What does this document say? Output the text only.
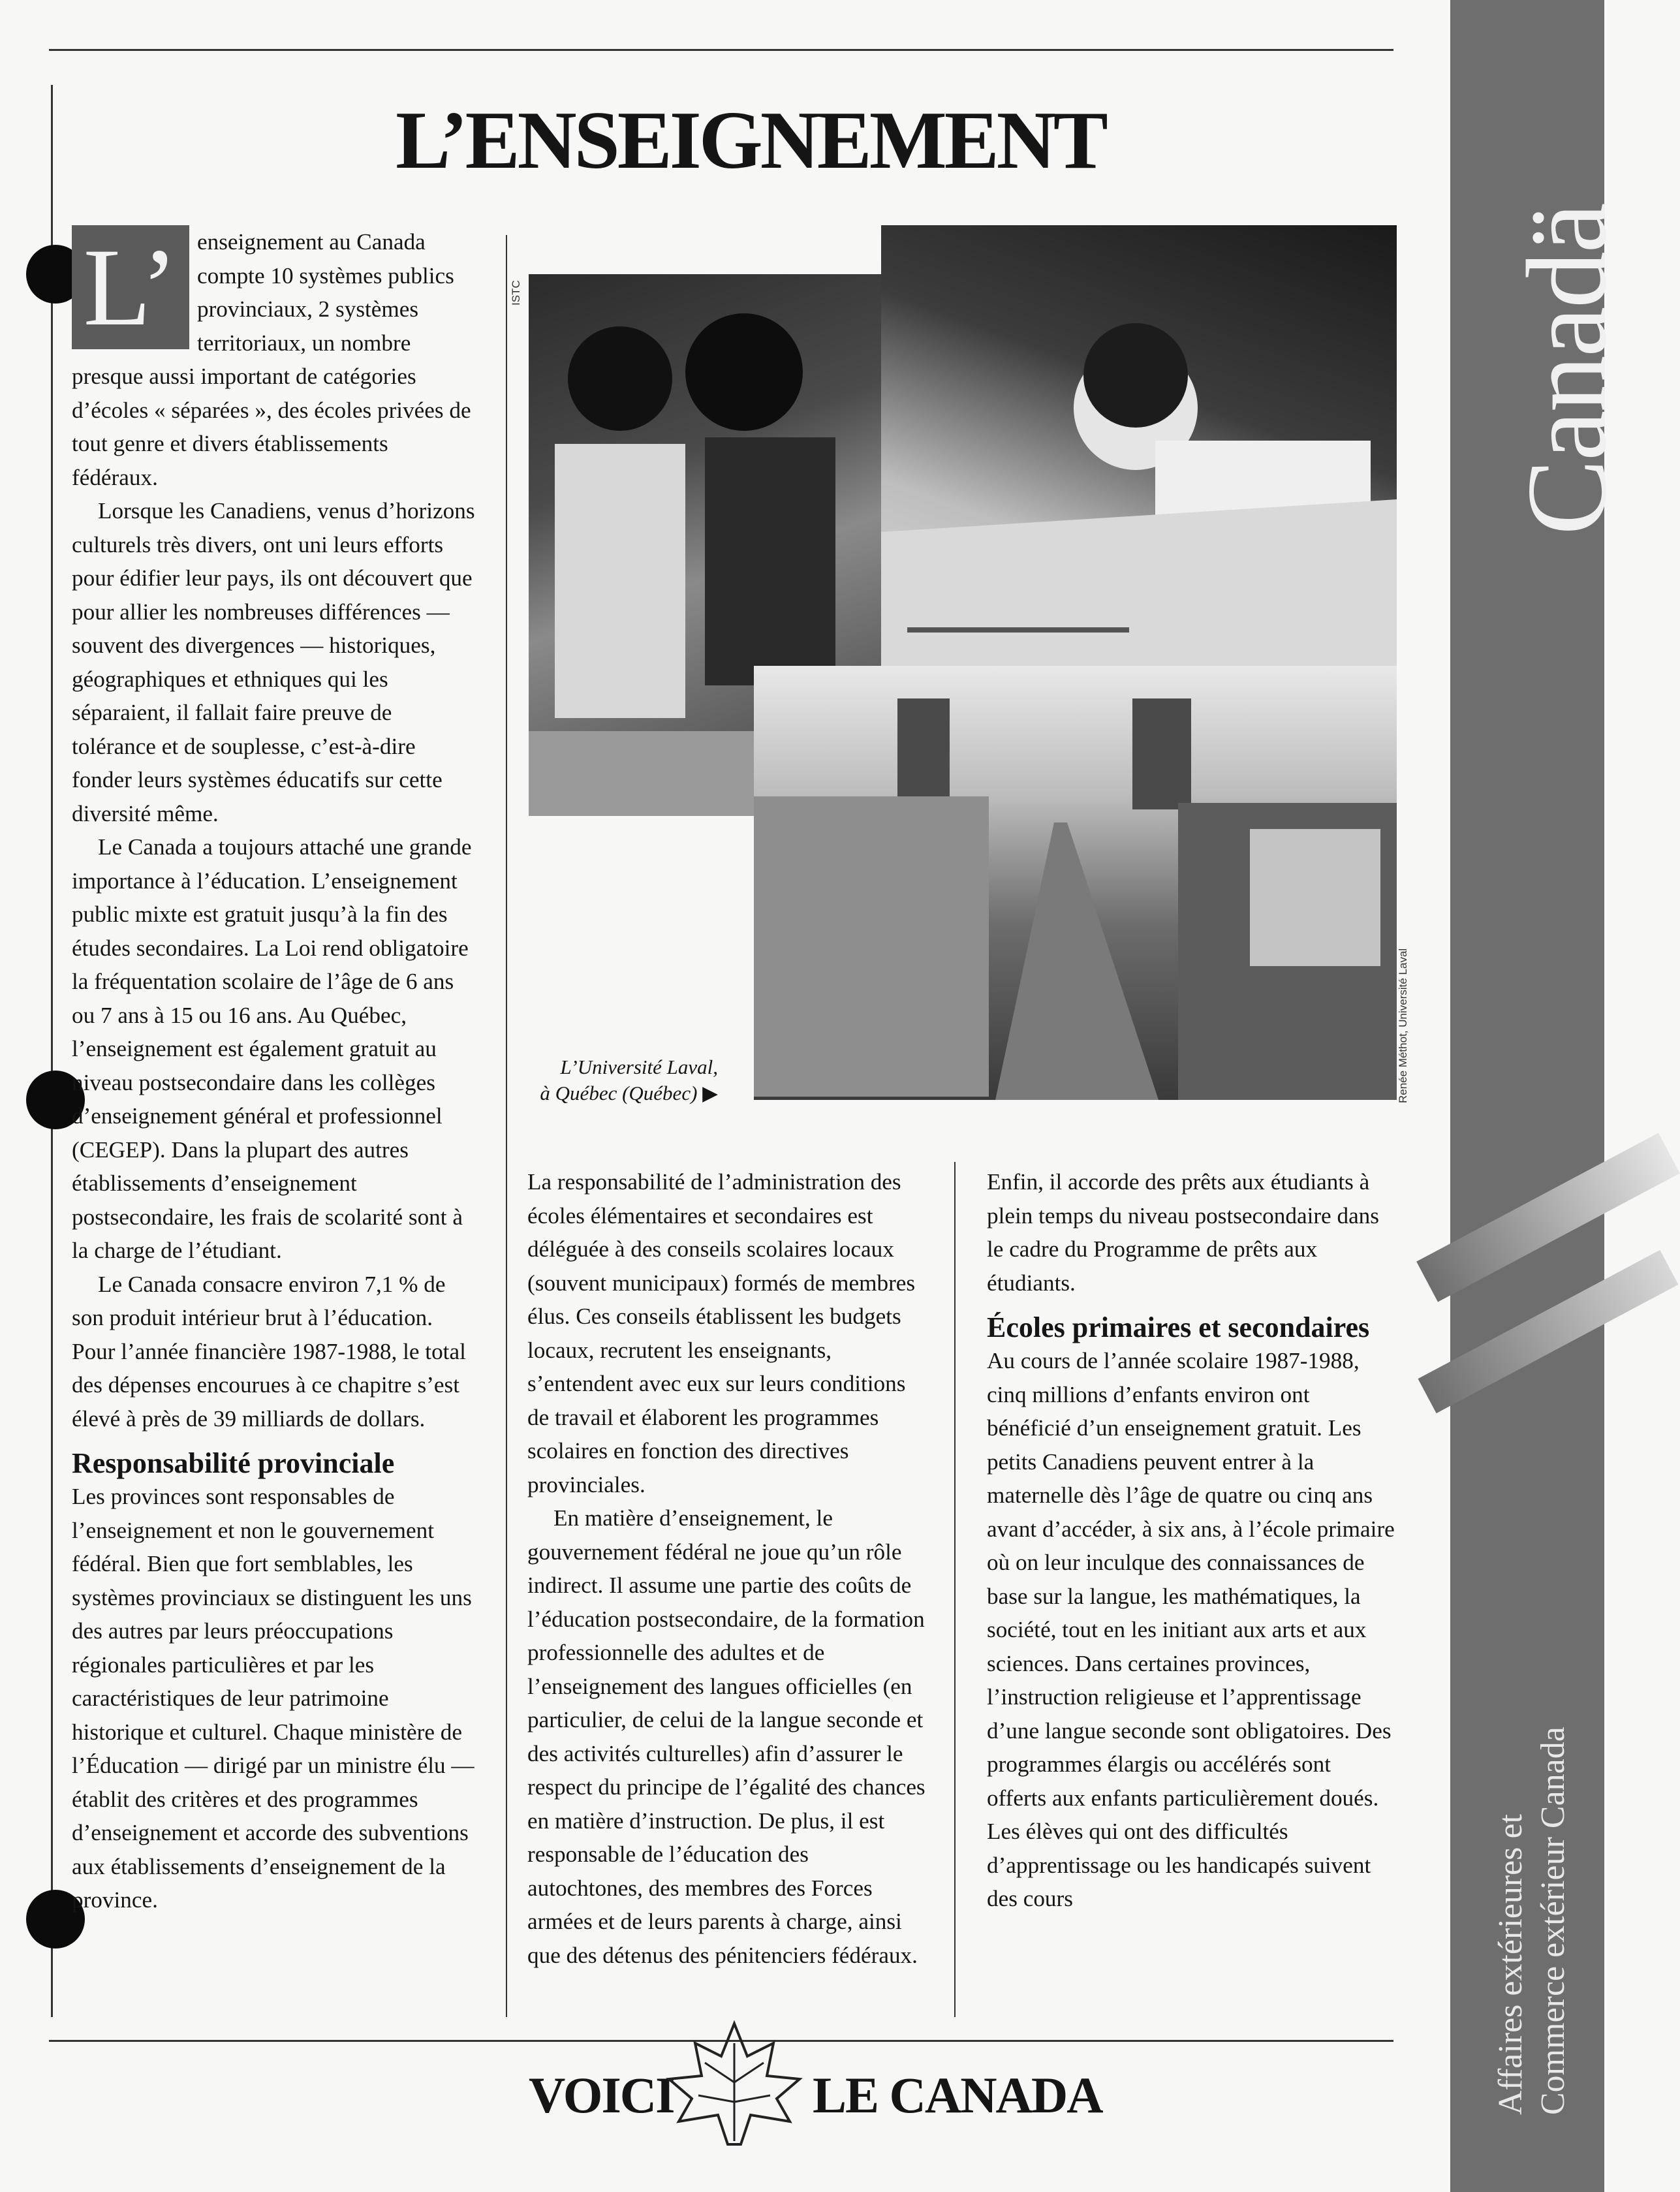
L’ENSEIGNEMENT
L’ enseignement au Canada compte 10 systèmes publics provinciaux, 2 systèmes territoriaux, un nombre presque aussi important de catégories d’écoles « séparées », des écoles privées de tout genre et divers établissements fédéraux.

Lorsque les Canadiens, venus d’horizons culturels très divers, ont uni leurs efforts pour édifier leur pays, ils ont découvert que pour allier les nombreuses différences — souvent des divergences — historiques, géographiques et ethniques qui les séparaient, il fallait faire preuve de tolérance et de souplesse, c’est-à-dire fonder leurs systèmes éducatifs sur cette diversité même.

Le Canada a toujours attaché une grande importance à l’éducation. L’enseignement public mixte est gratuit jusqu’à la fin des études secondaires. La Loi rend obligatoire la fréquentation scolaire de l’âge de 6 ans ou 7 ans à 15 ou 16 ans. Au Québec, l’enseignement est également gratuit au niveau postsecondaire dans les collèges d’enseignement général et professionnel (CEGEP). Dans la plupart des autres établissements d’enseignement postsecondaire, les frais de scolarité sont à la charge de l’étudiant.

Le Canada consacre environ 7,1 % de son produit intérieur brut à l’éducation. Pour l’année financière 1987-1988, le total des dépenses encourues à ce chapitre s’est élevé à près de 39 milliards de dollars.

Responsabilité provinciale

Les provinces sont responsables de l’enseignement et non le gouvernement fédéral. Bien que fort semblables, les systèmes provinciaux se distinguent les uns des autres par leurs préoccupations régionales particulières et par les caractéristiques de leur patrimoine historique et culturel. Chaque ministère de l’Éducation — dirigé par un ministre élu — établit des critères et des programmes d’enseignement et accorde des subventions aux établissements d’enseignement de la province.

ISTC
Renée Méthot, Université Laval
L’Université Laval,
à Québec (Québec) ▶

La responsabilité de l’administration des écoles élémentaires et secondaires est déléguée à des conseils scolaires locaux (souvent municipaux) formés de membres élus. Ces conseils établissent les budgets locaux, recrutent les enseignants, s’entendent avec eux sur leurs conditions de travail et élaborent les programmes scolaires en fonction des directives provinciales.

En matière d’enseignement, le gouvernement fédéral ne joue qu’un rôle indirect. Il assume une partie des coûts de l’éducation postsecondaire, de la formation professionnelle des adultes et de l’enseignement des langues officielles (en particulier, de celui de la langue seconde et des activités culturelles) afin d’assurer le respect du principe de l’égalité des chances en matière d’instruction. De plus, il est responsable de l’éducation des autochtones, des membres des Forces armées et de leurs parents à charge, ainsi que des détenus des pénitenciers fédéraux.

Enfin, il accorde des prêts aux étudiants à plein temps du niveau postsecondaire dans le cadre du Programme de prêts aux étudiants.

Écoles primaires et secondaires

Au cours de l’année scolaire 1987-1988, cinq millions d’enfants environ ont bénéficié d’un enseignement gratuit. Les petits Canadiens peuvent entrer à la maternelle dès l’âge de quatre ou cinq ans avant d’accéder, à six ans, à l’école primaire où on leur inculque des connaissances de base sur la langue, les mathématiques, la société, tout en les initiant aux arts et aux sciences. Dans certaines provinces, l’instruction religieuse et l’apprentissage d’une langue seconde sont obligatoires. Des programmes élargis ou accélérés sont offerts aux enfants particulièrement doués. Les élèves qui ont des difficultés d’apprentissage ou les handicapés suivent des cours

VOICI	LE CANADA
Canadä
Affaires extérieures et Commerce extérieur Canada
